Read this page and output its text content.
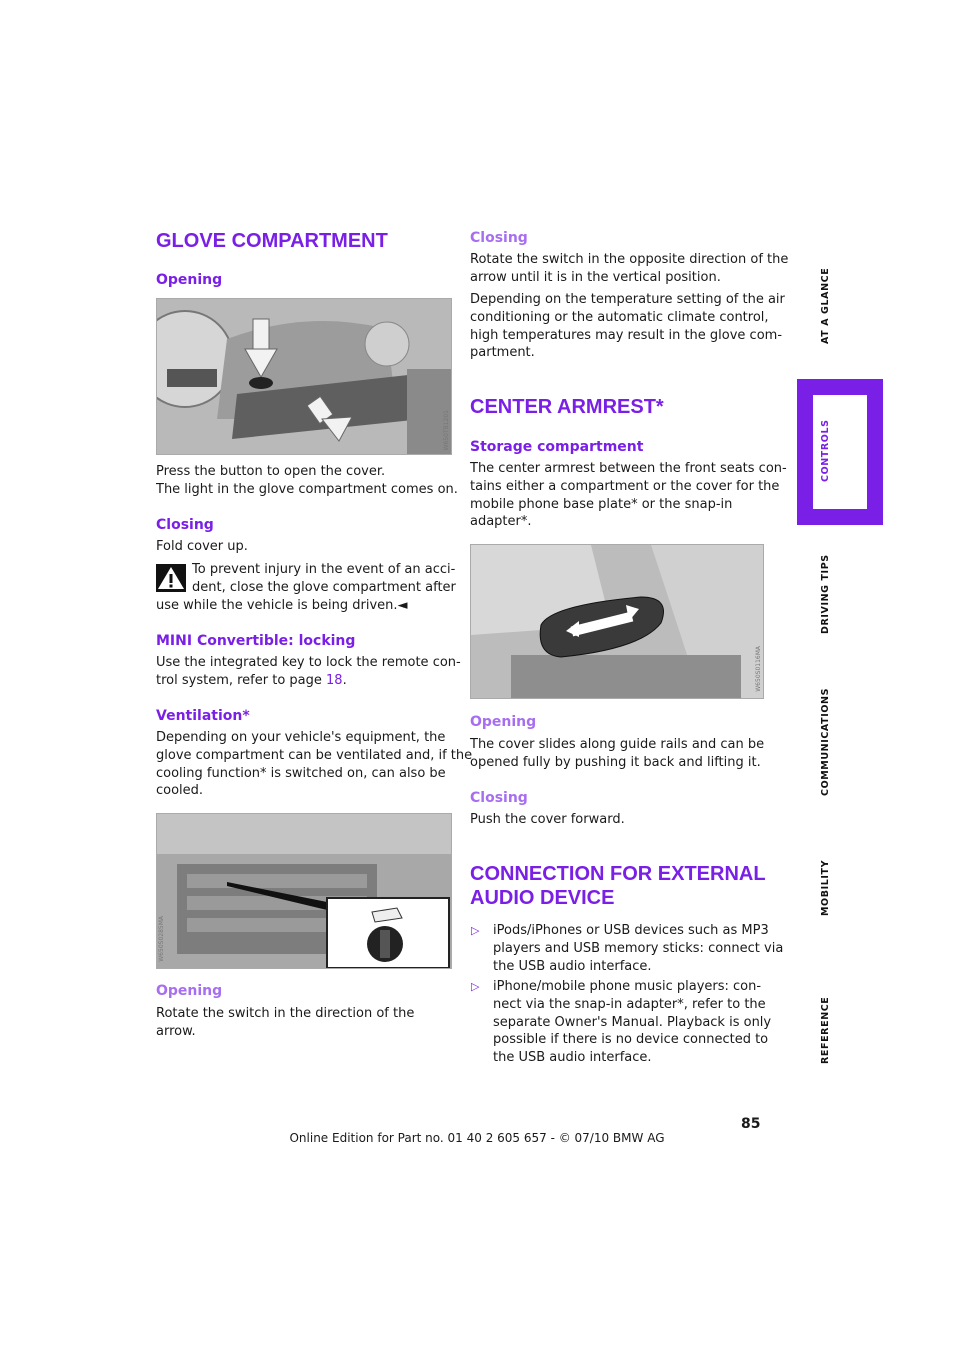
GLOVE COMPARTMENT
Opening
W650TB1201
Press the button to open the cover.
The light in the glove compartment comes on.
Closing

Fold cover up.

To prevent injury in the event of an acci-
dent, close the glove compartment after
use while the vehicle is being driven.◄
MINI Convertible: locking
Use the integrated key to lock the remote con-
trol system, refer to page 18.
Ventilation*
Depending on your vehicle's equipment, the
glove compartment can be ventilated and, if the
cooling function* is switched on, can also be
cooled.
W650S0285MA
Opening

Rotate the switch in the direction of the arrow.

Closing
Rotate the switch in the opposite direction of the
arrow until it is in the vertical position.
Depending on the temperature setting of the air
conditioning or the automatic climate control,
high temperatures may result in the glove com-
partment.
CENTER ARMREST*
Storage compartment
The center armrest between the front seats con-
tains either a compartment or the cover for the
mobile phone base plate* or the snap-in
adapter*.
W650S0116MA
Opening
The cover slides along guide rails and can be
opened fully by pushing it back and lifting it.
Closing

Push the cover forward.

CONNECTION FOR EXTERNAL
AUDIO DEVICE
▷ iPods/iPhones or USB devices such as MP3
players and USB memory sticks: connect via
the USB audio interface.
▷ iPhone/mobile phone music players: con-
nect via the snap-in adapter*, refer to the
separate Owner's Manual. Playback is only
possible if there is no device connected to
the USB audio interface.
AT A GLANCE
CONTROLS
DRIVING TIPS
COMMUNICATIONS
MOBILITY
REFERENCE
85
Online Edition for Part no. 01 40 2 605 657 - © 07/10 BMW AG
